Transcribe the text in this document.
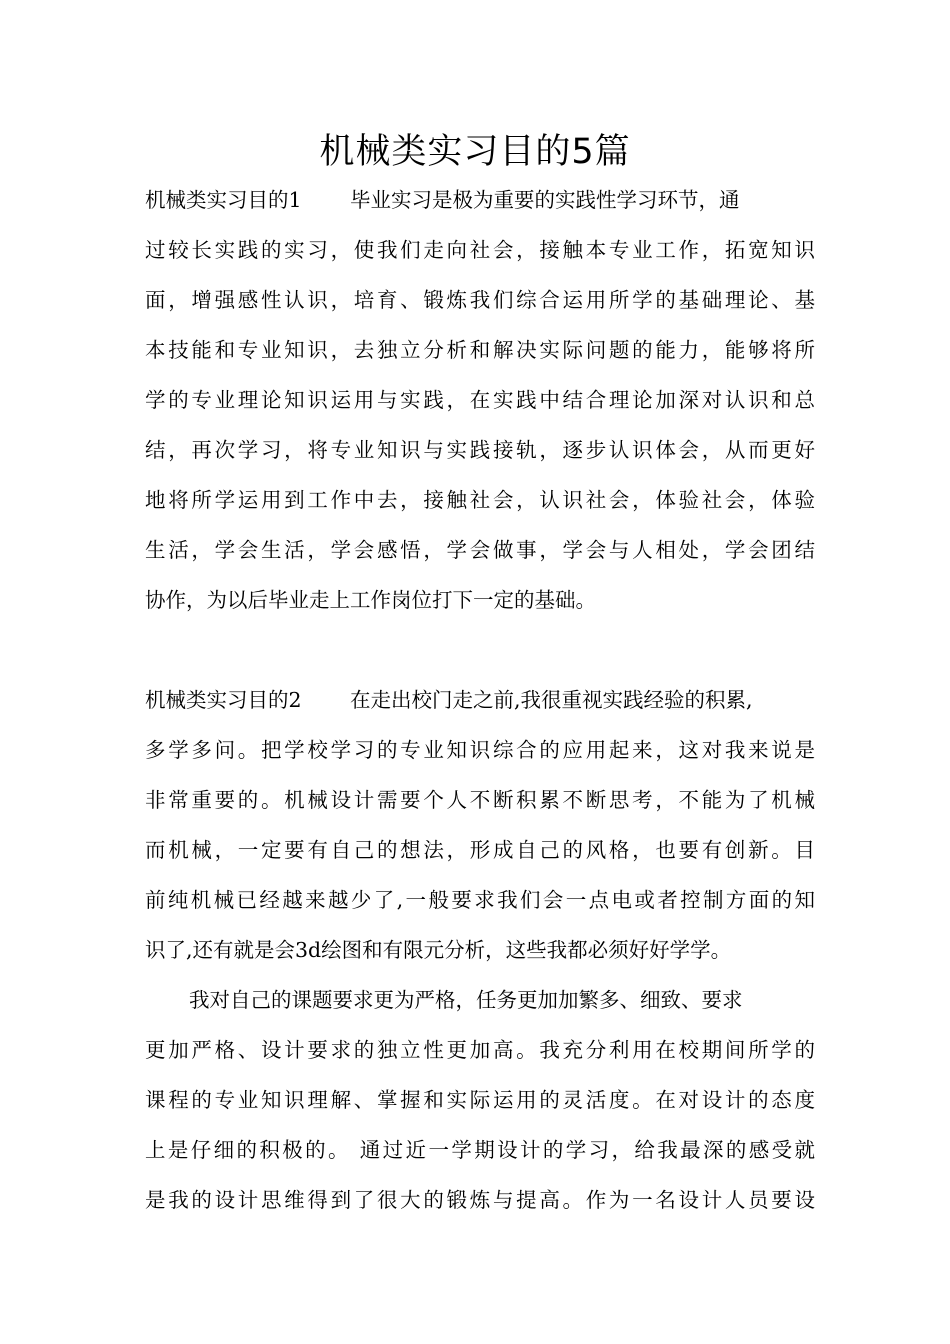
机械类实习目的5篇

机械类实习目的1 毕业实习是极为重要的实践性学习环节，通

过较长实践的实习，使我们走向社会，接触本专业工作，拓宽知识

面，增强感性认识，培育、锻炼我们综合运用所学的基础理论、基

本技能和专业知识，去独立分析和解决实际问题的能力，能够将所

学的专业理论知识运用与实践，在实践中结合理论加深对认识和总

结，再次学习，将专业知识与实践接轨，逐步认识体会，从而更好

地将所学运用到工作中去，接触社会，认识社会，体验社会，体验

生活，学会生活，学会感悟，学会做事，学会与人相处，学会团结

协作，为以后毕业走上工作岗位打下一定的基础。

机械类实习目的2 在走出校门走之前,我很重视实践经验的积累,

多学多问。把学校学习的专业知识综合的应用起来，这对我来说是

非常重要的。机械设计需要个人不断积累不断思考，不能为了机械

而机械，一定要有自己的想法，形成自己的风格，也要有创新。目

前纯机械已经越来越少了,一般要求我们会一点电或者控制方面的知

识了,还有就是会3d绘图和有限元分析，这些我都必须好好学学。

我对自己的课题要求更为严格，任务更加加繁多、细致、要求

更加严格、设计要求的独立性更加高。我充分利用在校期间所学的

课程的专业知识理解、掌握和实际运用的灵活度。在对设计的态度

上是仔细的积极的。 通过近一学期设计的学习，给我最深的感受就

是我的设计思维得到了很大的锻炼与提高。作为一名设计人员要设
